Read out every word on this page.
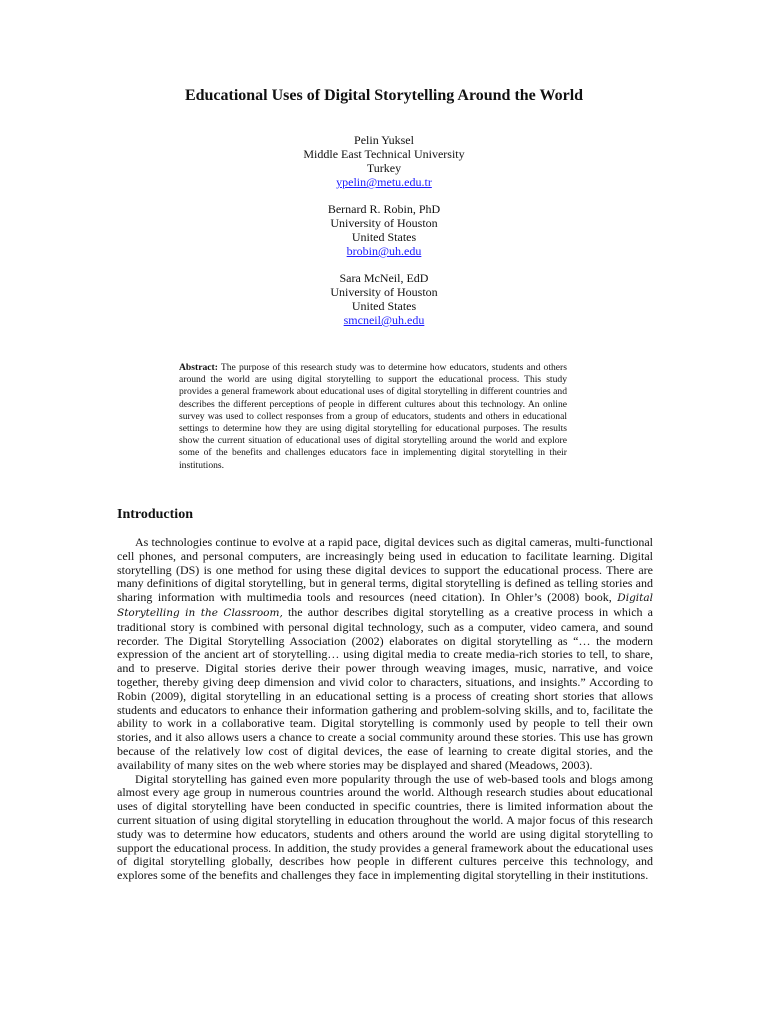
Educational Uses of Digital Storytelling Around the World
Pelin Yuksel
Middle East Technical University
Turkey
ypelin@metu.edu.tr
Bernard R. Robin, PhD
University of Houston
United States
brobin@uh.edu
Sara McNeil, EdD
University of Houston
United States
smcneil@uh.edu

Abstract: The purpose of this research study was to determine how educators, students and others around the world are using digital storytelling to support the educational process. This study provides a general framework about educational uses of digital storytelling in different countries and describes the different perceptions of people in different cultures about this technology. An online survey was used to collect responses from a group of educators, students and others in educational settings to determine how they are using digital storytelling for educational purposes. The results show the current situation of educational uses of digital storytelling around the world and explore some of the benefits and challenges educators face in implementing digital storytelling in their institutions.

Introduction

As technologies continue to evolve at a rapid pace, digital devices such as digital cameras, multi-functional cell phones, and personal computers, are increasingly being used in education to facilitate learning. Digital storytelling (DS) is one method for using these digital devices to support the educational process. There are many definitions of digital storytelling, but in general terms, digital storytelling is defined as telling stories and sharing information with multimedia tools and resources (need citation). In Ohler’s (2008) book, Digital Storytelling in the Classroom, the author describes digital storytelling as a creative process in which a traditional story is combined with personal digital technology, such as a computer, video camera, and sound recorder. The Digital Storytelling Association (2002) elaborates on digital storytelling as “… the modern expression of the ancient art of storytelling… using digital media to create media-rich stories to tell, to share, and to preserve. Digital stories derive their power through weaving images, music, narrative, and voice together, thereby giving deep dimension and vivid color to characters, situations, and insights.” According to Robin (2009), digital storytelling in an educational setting is a process of creating short stories that allows students and educators to enhance their information gathering and problem-solving skills, and to, facilitate the ability to work in a collaborative team. Digital storytelling is commonly used by people to tell their own stories, and it also allows users a chance to create a social community around these stories. This use has grown because of the relatively low cost of digital devices, the ease of learning to create digital stories, and the availability of many sites on the web where stories may be displayed and shared (Meadows, 2003).

Digital storytelling has gained even more popularity through the use of web-based tools and blogs among almost every age group in numerous countries around the world. Although research studies about educational uses of digital storytelling have been conducted in specific countries, there is limited information about the current situation of using digital storytelling in education throughout the world. A major focus of this research study was to determine how educators, students and others around the world are using digital storytelling to support the educational process. In addition, the study provides a general framework about the educational uses of digital storytelling globally, describes how people in different cultures perceive this technology, and explores some of the benefits and challenges they face in implementing digital storytelling in their institutions.
